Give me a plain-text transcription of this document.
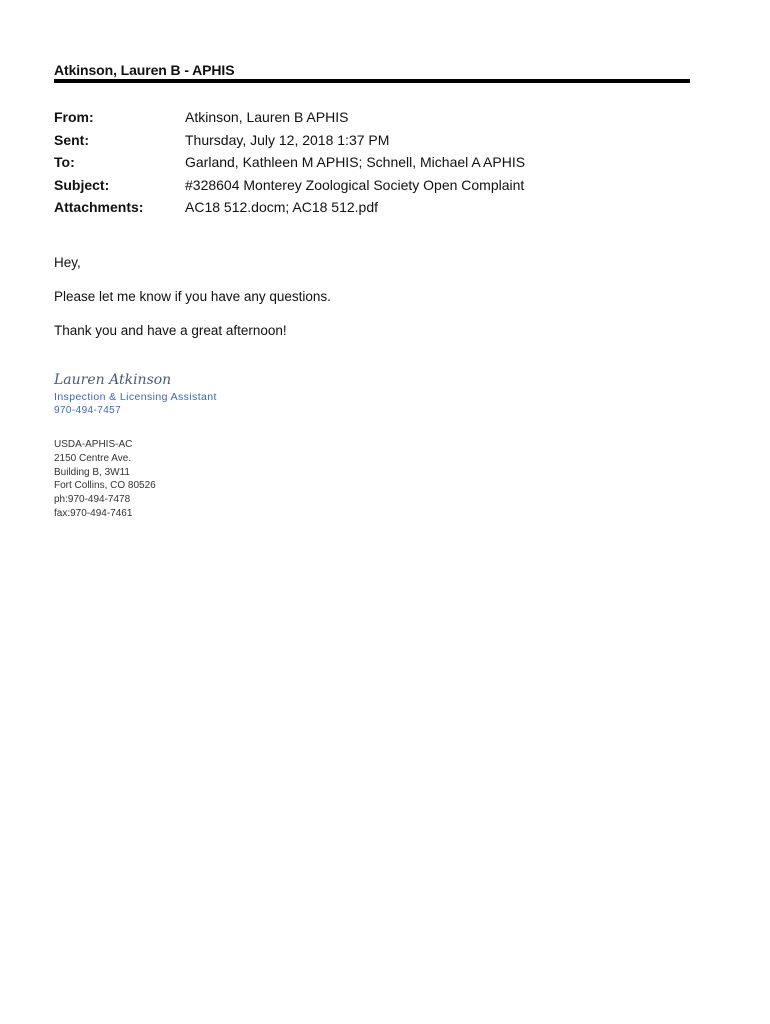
Atkinson, Lauren B - APHIS
From:	Atkinson, Lauren B APHIS
Sent:	Thursday, July 12, 2018 1:37 PM
To:	Garland, Kathleen M APHIS; Schnell, Michael A APHIS
Subject:	#328604 Monterey Zoological Society Open Complaint
Attachments:	AC18 512.docm; AC18 512.pdf
Hey,
Please let me know if you have any questions.
Thank you and have a great afternoon!
Lauren Atkinson
Inspection & Licensing Assistant
970-494-7457
USDA-APHIS-AC
2150 Centre Ave.
Building B, 3W11
Fort Collins, CO 80526
ph:970-494-7478
fax:970-494-7461
